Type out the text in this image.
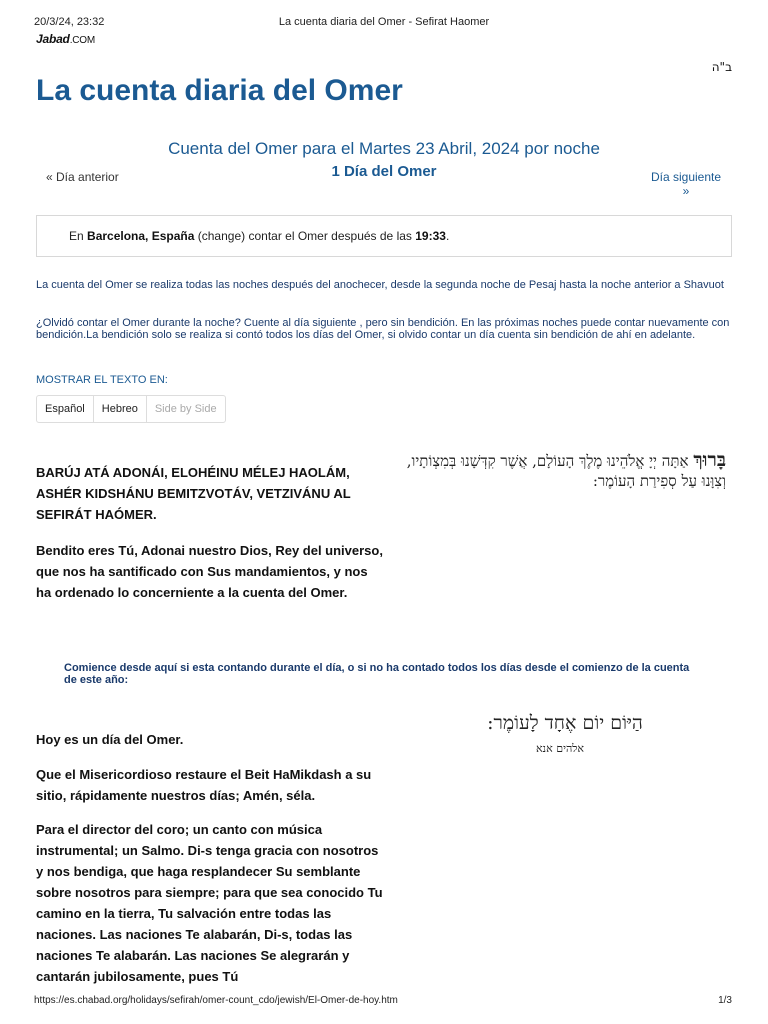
20/3/24, 23:32	La cuenta diaria del Omer - Sefirat Haomer
Jabad.COM
ב"ה
La cuenta diaria del Omer
Cuenta del Omer para el Martes 23 Abril, 2024 por noche
1 Día del Omer
« Día anterior	Día siguiente
»
En Barcelona, España (change) contar el Omer después de las 19:33.
La cuenta del Omer se realiza todas las noches después del anochecer, desde la segunda noche de Pesaj hasta la noche anterior a Shavuot
¿Olvidó contar el Omer durante la noche? Cuente al día siguiente , pero sin bendición. En las próximas noches puede contar nuevamente con bendición.La bendición solo se realiza si contó todos los días del Omer, si olvido contar un día cuenta sin bendición de ahí en adelante.
MOSTRAR EL TEXTO EN:
Español	Hebreo	Side by Side
בָּרוּךְ אַתָּה יְיָ אֱלֹהֵינוּ מֶלֶךְ הָעוֹלָם, אֲשֶׁר קִדְּשָׁנוּ בְּמִצְוֹתָיו, וְצִוָּנוּ עַל סְפִירַת הָעוֹמֶר:
BARÚJ ATÁ ADONÁI, ELOHÉINU MÉLEJ HAOLÁM, ASHÉR KIDSHÁNU BEMITZVOTÁV, VETZIVÁNU AL SEFIRÁT HAÓMER.
Bendito eres Tú, Adonai nuestro Dios, Rey del universo, que nos ha santificado con Sus mandamientos, y nos ha ordenado lo concerniente a la cuenta del Omer.
Comience desde aquí si esta contando durante el día, o si no ha contado todos los días desde el comienzo de la cuenta de este año:
הַיּוֹם יוֹם אֶחָד לָעוֹמֶר:
אלהים אנא
Hoy es un día del Omer.
Que el Misericordioso restaure el Beit HaMikdash a su sitio, rápidamente nuestros días; Amén, séla.
Para el director del coro; un canto con música instrumental; un Salmo. Di-s tenga gracia con nosotros y nos bendiga, que haga resplandecer Su semblante sobre nosotros para siempre; para que sea conocido Tu camino en la tierra, Tu salvación entre todas las naciones. Las naciones Te alabarán, Di-s, todas las naciones Te alabarán. Las naciones Se alegrarán y cantarán jubilosamente, pues Tú
https://es.chabad.org/holidays/sefirah/omer-count_cdo/jewish/El-Omer-de-hoy.htm	1/3
